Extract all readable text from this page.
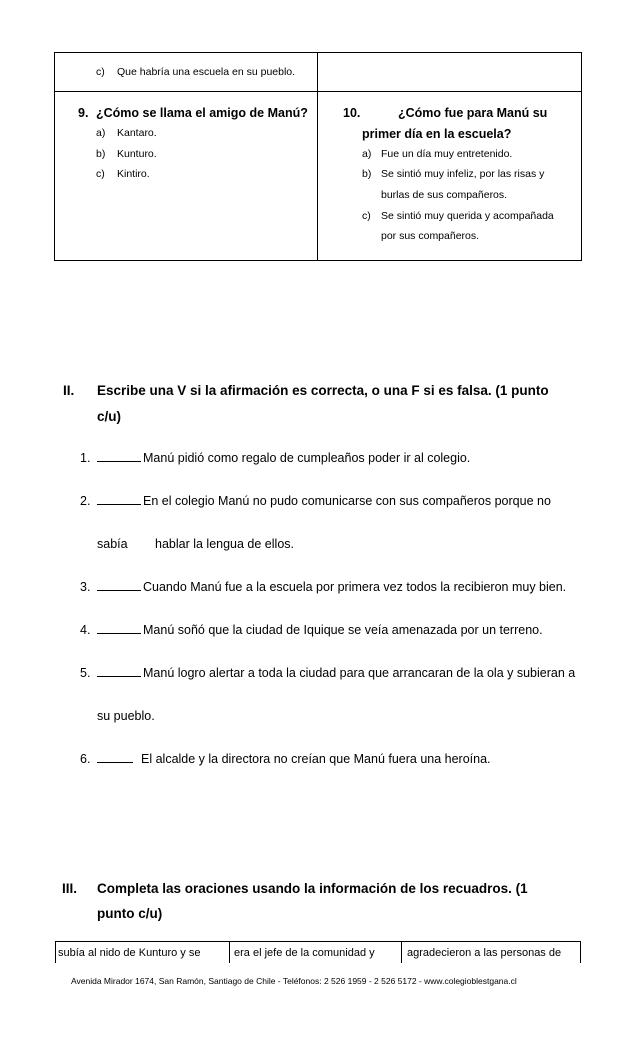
c) Que habría una escuela en su pueblo.
9. ¿Cómo se llama el amigo de Manú?
a) Kantaro.
b) Kunturo.
c) Kintiro.
10.	¿Cómo fue para Manú su
primer día en la escuela?
a) Fue un día muy entretenido.
b) Se sintió muy infeliz, por las risas y
burlas de sus compañeros.
c) Se sintió muy querida y acompañada
por sus compañeros.
II. Escribe una V si la afirmación es correcta, o una F si es falsa. (1 punto
c/u)
1.	Manú pidió como regalo de cumpleaños poder ir al colegio.
2.	En el colegio Manú no pudo comunicarse con sus compañeros porque no
sabía hablar la lengua de ellos.
3.	Cuando Manú fue a la escuela por primera vez todos la recibieron muy bien.
4.	Manú soñó que la ciudad de Iquique se veía amenazada por un terreno.
5.	Manú logro alertar a toda la ciudad para que arrancaran de la ola y subieran a
su pueblo.
6.	El alcalde y la directora no creían que Manú fuera una heroína.
III. Completa las oraciones usando la información de los recuadros. (1
punto c/u)
subía al nido de Kunturo y se	era el jefe de la comunidad y	agradecieron a las personas de
Avenida Mirador 1674, San Ramón, Santiago de Chile - Teléfonos: 2 526 1959 - 2 526 5172 - www.colegioblestgana.cl
